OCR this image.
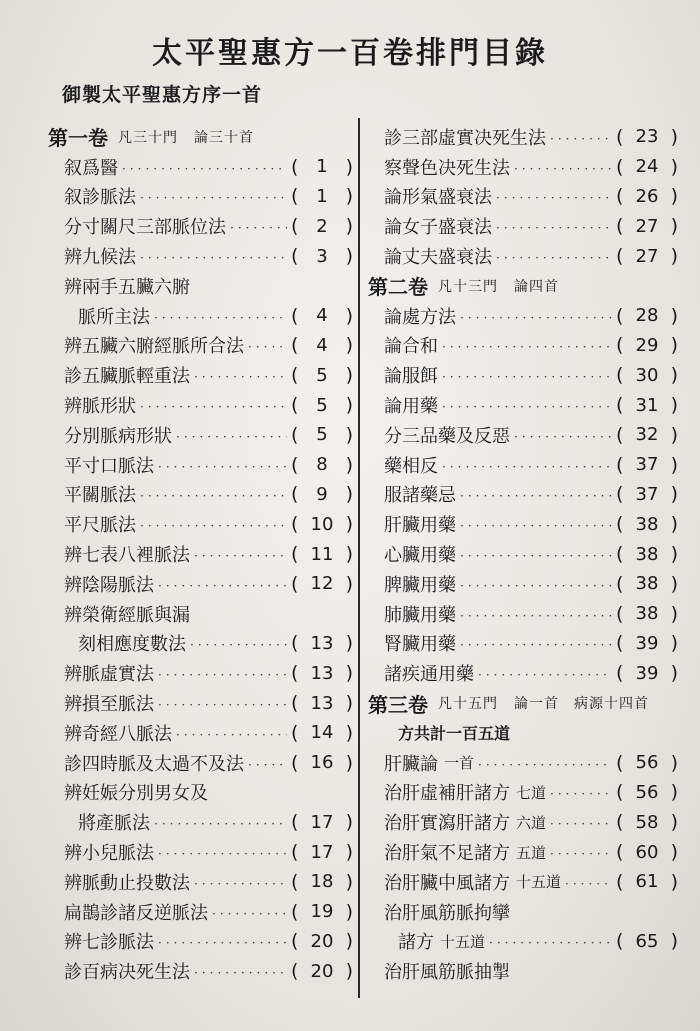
太平聖惠方一百卷排門目錄
御製太平聖惠方序一首
第一卷 凡三十門 論三十首
叙爲醫 ·····	( 1 )
叙診脈法 ·····	( 1 )
分寸關尺三部脈位法 ·····	( 2 )
辨九候法 ·····	( 3 )
辨兩手五臟六腑
脈所主法 ·····	( 4 )
辨五臟六腑經脈所合法 ····· ( 4 )
診五臟脈輕重法 ·····	( 5 )
辨脈形狀 ·····	( 5 )
分別脈病形狀 ·····	( 5 )
平寸口脈法 ·····	( 8 )
平關脈法 ·····	( 9 )
平尺脈法 ·····	( 10 )
辨七表八裡脈法 ·····	( 11 )
辨陰陽脈法 ·····	( 12 )
辨榮衛經脈與漏
刻相應度數法 ·····	( 13 )
辨脈虛實法 ·····	( 13 )
辨損至脈法 ·····	( 13 )
辨奇經八脈法 ·····	( 14 )
診四時脈及太過不及法 ····· ( 16 )
辨妊娠分別男女及
將產脈法 ·····	( 17 )
辨小兒脈法 ·····	( 17 )
辨脈動止投數法 ·····	( 18 )
扁鵲診諸反逆脈法 ·····	( 19 )
辨七診脈法 ·····	( 20 )
診百病决死生法 ·····	( 20 )
診三部虛實决死生法 ·····	( 23 )
察聲色决死生法 ·····	( 24 )
論形氣盛衰法 ·····	( 26 )
論女子盛衰法 ·····	( 27 )
論丈夫盛衰法 ·····	( 27 )
第二卷 凡十三門 論四首
論處方法 ·····	( 28 )
論合和 ·····	( 29 )
論服餌 ·····	( 30 )
論用藥 ·····	( 31 )
分三品藥及反惡 ·····	( 32 )
藥相反 ·····	( 37 )
服諸藥忌 ·····	( 37 )
肝臟用藥 ·····	( 38 )
心臟用藥 ·····	( 38 )
脾臟用藥 ·····	( 38 )
肺臟用藥 ·····	( 38 )
腎臟用藥 ·····	( 39 )
諸疾通用藥 ·····	( 39 )
第三卷 凡十五門 論一首　病源十四首
方共計一百五道
肝臟論 一首 ·····	( 56 )
治肝虛補肝諸方 七道 ·····	( 56 )
治肝實瀉肝諸方 六道 ·····	( 58 )
治肝氣不足諸方 五道 ·····	( 60 )
治肝臟中風諸方 十五道 ·····	( 61 )
治肝風筋脈拘攣
諸方 十五道 ·····	( 65 )
治肝風筋脈抽掣
